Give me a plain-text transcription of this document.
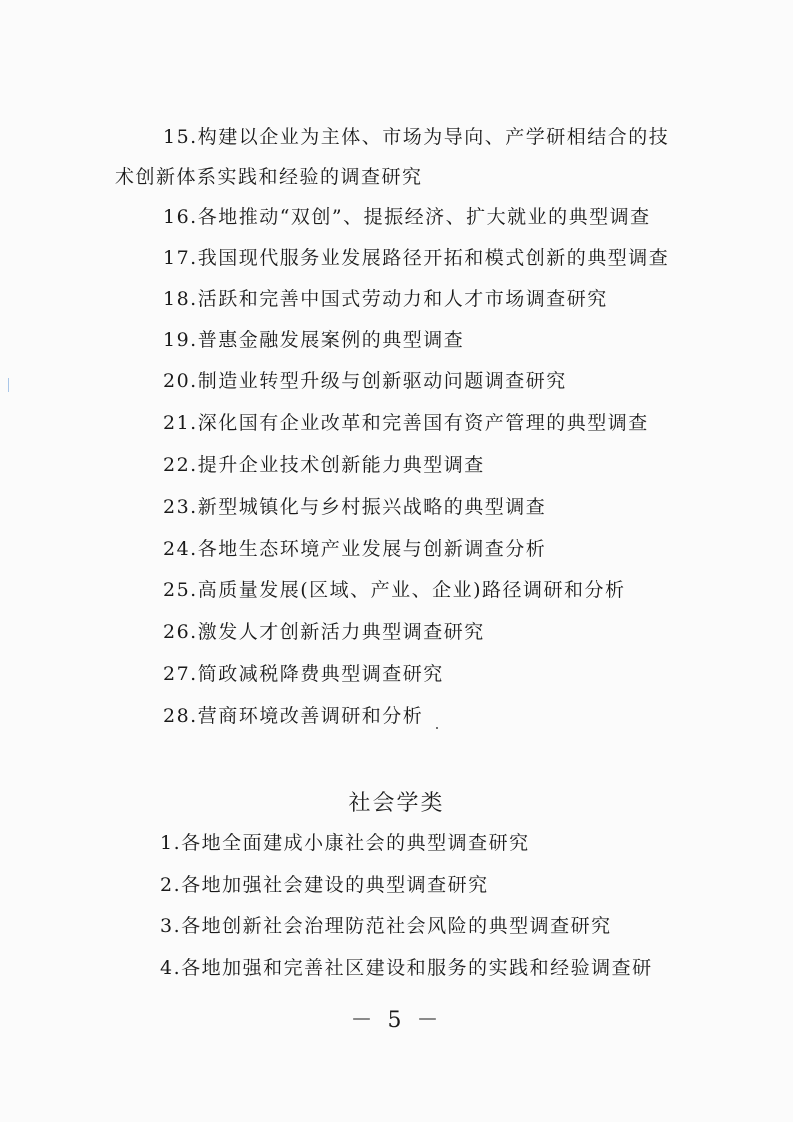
15.构建以企业为主体、市场为导向、产学研相结合的技
术创新体系实践和经验的调查研究
16.各地推动“双创”、提振经济、扩大就业的典型调查
17.我国现代服务业发展路径开拓和模式创新的典型调查
18.活跃和完善中国式劳动力和人才市场调查研究
19.普惠金融发展案例的典型调查
20.制造业转型升级与创新驱动问题调查研究
21.深化国有企业改革和完善国有资产管理的典型调查
22.提升企业技术创新能力典型调查
23.新型城镇化与乡村振兴战略的典型调查
24.各地生态环境产业发展与创新调查分析
25.高质量发展(区域、产业、企业)路径调研和分析
26.激发人才创新活力典型调查研究
27.简政减税降费典型调查研究
28.营商环境改善调研和分析
社会学类
1.各地全面建成小康社会的典型调查研究
2.各地加强社会建设的典型调查研究
3.各地创新社会治理防范社会风险的典型调查研究
4.各地加强和完善社区建设和服务的实践和经验调查研
－ 5 －
